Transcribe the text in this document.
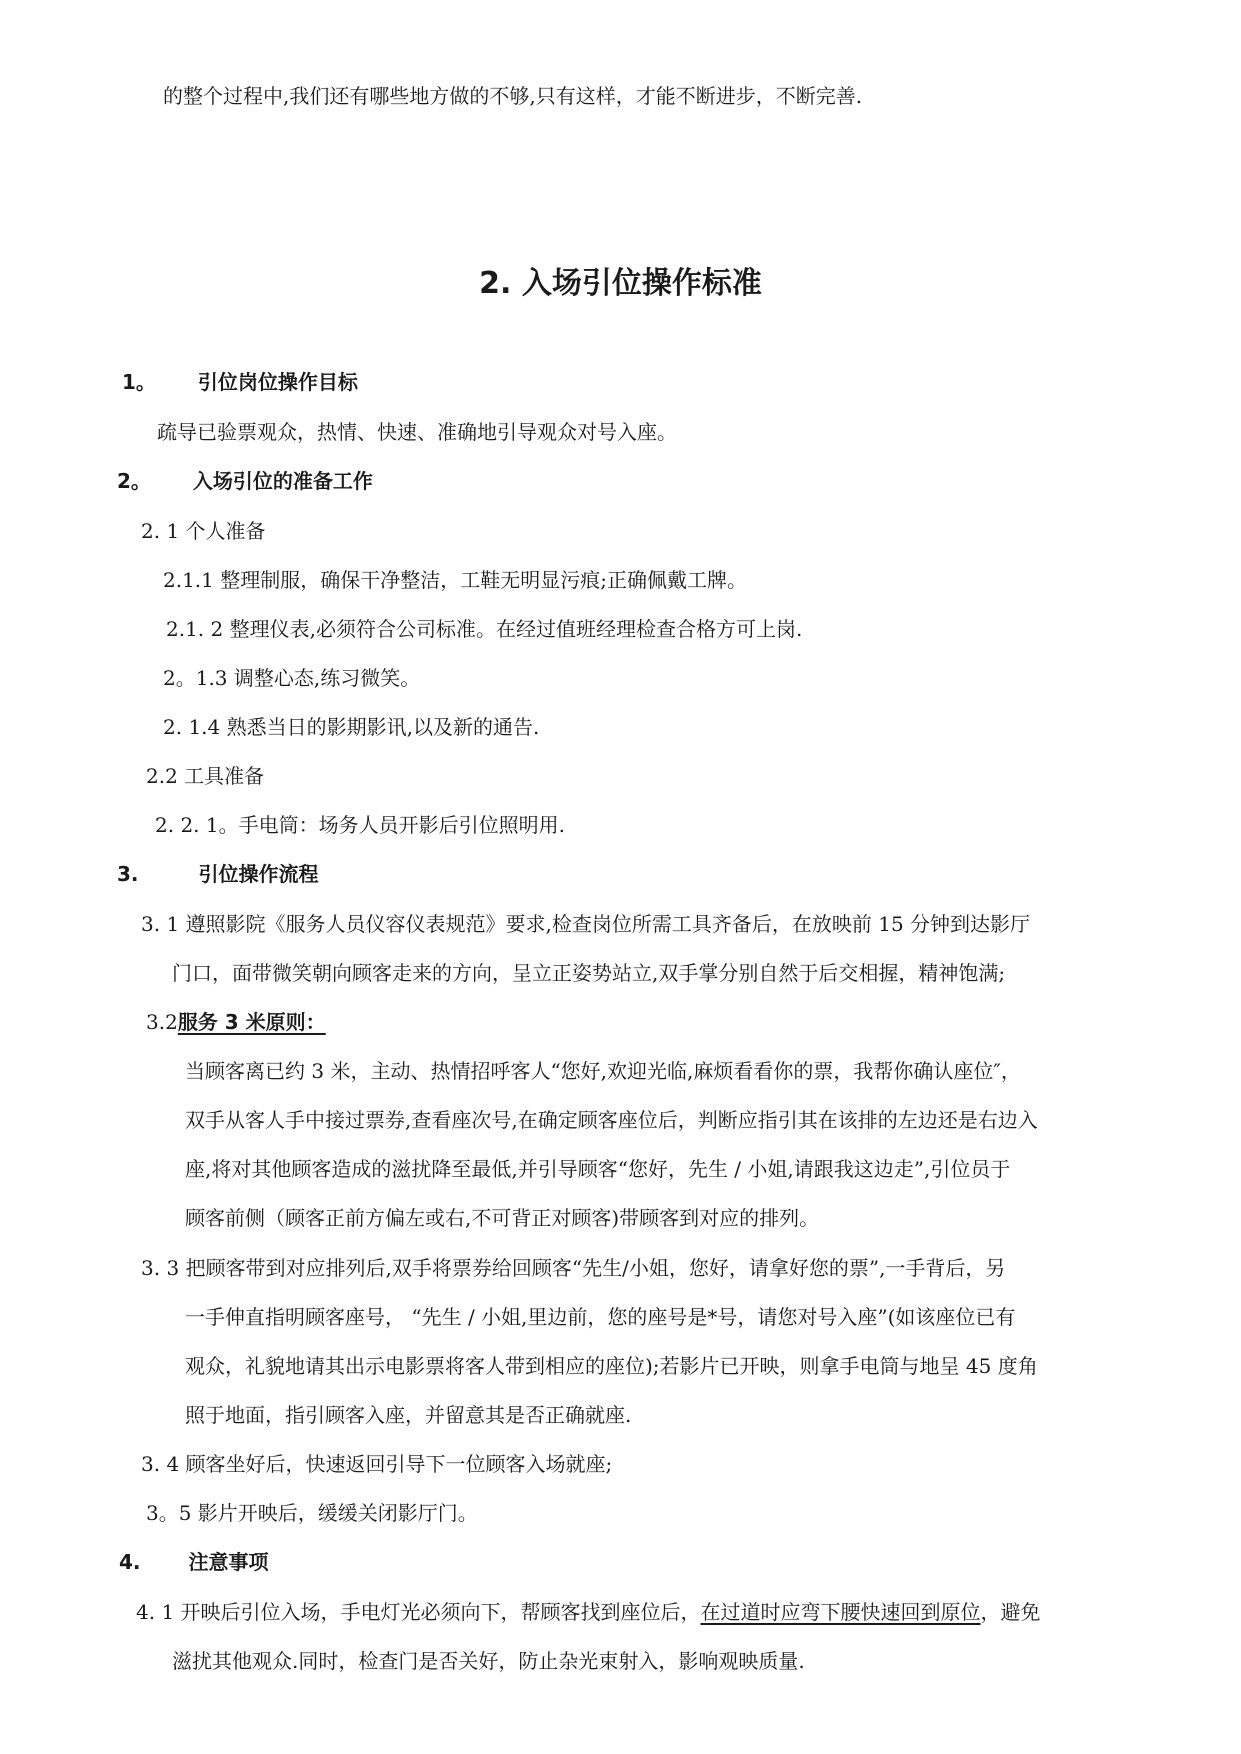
的整个过程中,我们还有哪些地方做的不够,只有这样，才能不断进步，不断完善.
2. 入场引位操作标准
1。 引位岗位操作目标
疏导已验票观众，热情、快速、准确地引导观众对号入座。
2。 入场引位的准备工作
2. 1 个人准备
2.1.1 整理制服，确保干净整洁，工鞋无明显污痕;正确佩戴工牌。
2.1. 2 整理仪表,必须符合公司标准。在经过值班经理检查合格方可上岗.
2。1.3 调整心态,练习微笑。
2. 1.4 熟悉当日的影期影讯,以及新的通告.
2.2 工具准备
2. 2. 1。手电筒：场务人员开影后引位照明用.
3.	引位操作流程
3. 1 遵照影院《服务人员仪容仪表规范》要求,检查岗位所需工具齐备后，在放映前 15 分钟到达影厅
门口，面带微笑朝向顾客走来的方向，呈立正姿势站立,双手掌分别自然于后交相握，精神饱满;
3.2服务 3 米原则：
当顾客离已约 3 米，主动、热情招呼客人“您好,欢迎光临,麻烦看看你的票，我帮你确认座位″，
双手从客人手中接过票券,查看座次号,在确定顾客座位后，判断应指引其在该排的左边还是右边入
座,将对其他顾客造成的滋扰降至最低,并引导顾客“您好，先生 / 小姐,请跟我这边走”,引位员于
顾客前侧（顾客正前方偏左或右,不可背正对顾客)带顾客到对应的排列。
3. 3 把顾客带到对应排列后,双手将票券给回顾客“先生/小姐，您好，请拿好您的票”,一手背后，另
一手伸直指明顾客座号， “先生 / 小姐,里边前，您的座号是*号，请您对号入座”(如该座位已有
观众，礼貌地请其出示电影票将客人带到相应的座位);若影片已开映，则拿手电筒与地呈 45 度角
照于地面，指引顾客入座，并留意其是否正确就座.
3. 4 顾客坐好后，快速返回引导下一位顾客入场就座;
3。5 影片开映后，缓缓关闭影厅门。
4. 注意事项
4. 1 开映后引位入场，手电灯光必须向下，帮顾客找到座位后，在过道时应弯下腰快速回到原位，避免
滋扰其他观众.同时，检查门是否关好，防止杂光束射入，影响观映质量.
